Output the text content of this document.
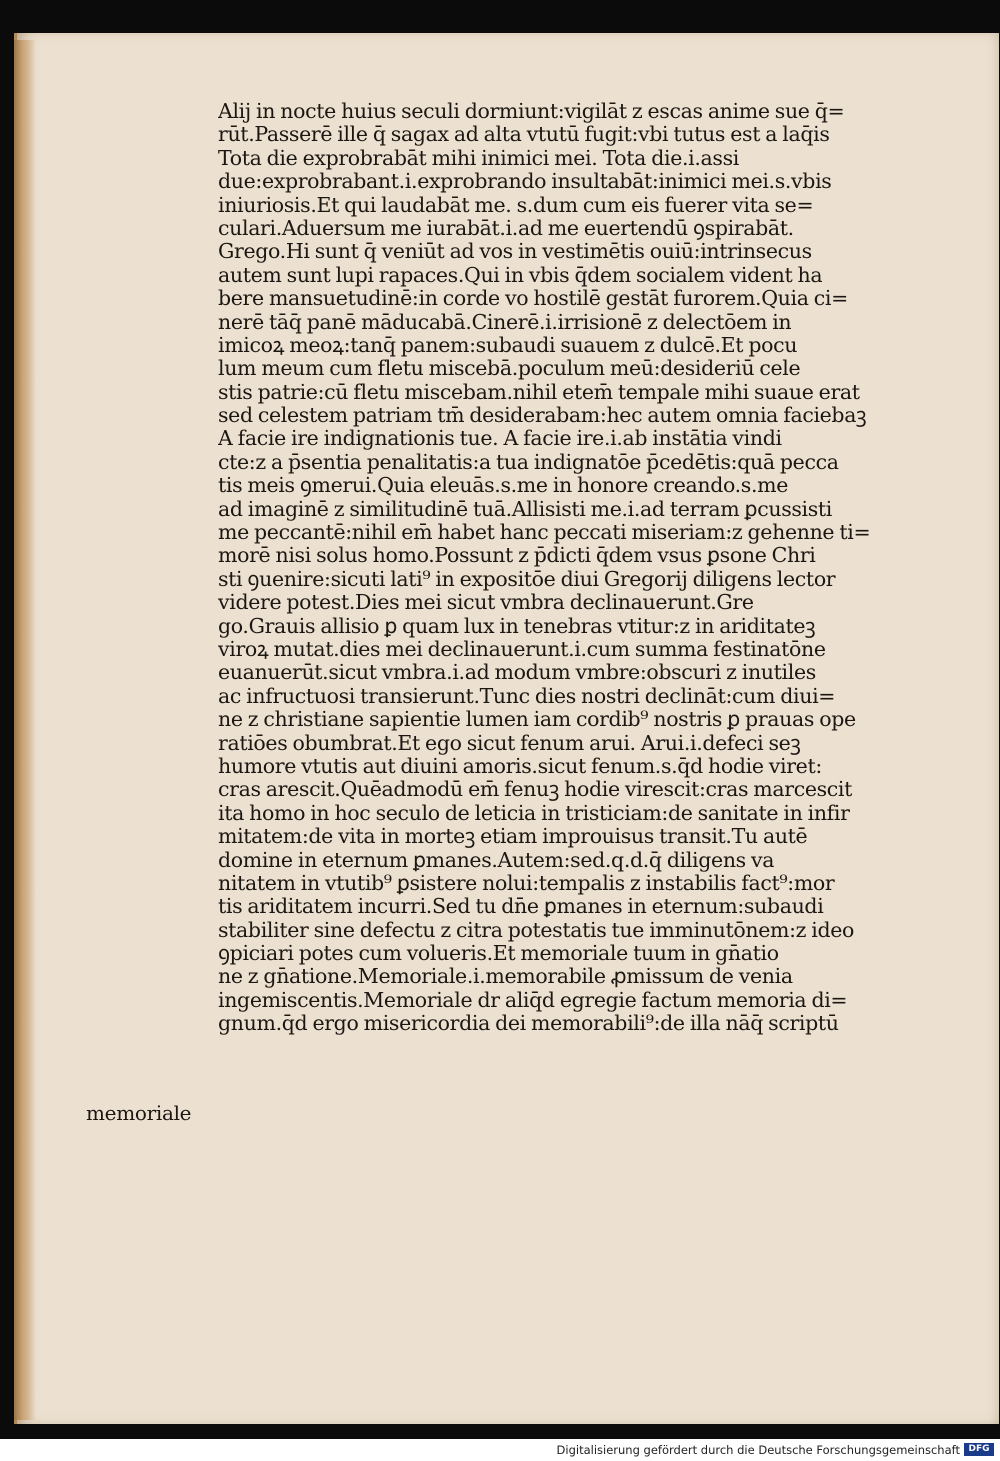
Alij in nocte huius seculi dormiunt:vigilāt z escas anime sue q̄=
rūt.Passerē ille q̄ sagax ad alta vtutū fugit:vbi tutus est a laq̄is
Tota die exprobrabāt mihi inimici mei. Tota die.i.assi
due:exprobrabant.i.exprobrando insultabāt:inimici mei.s.vbis
iniuriosis.Et qui laudabāt me. s.dum cum eis fuerer vita se=
culari.Aduersum me iurabāt.i.ad me euertendū ꝯspirabāt.
Grego.Hi sunt q̄ veniūt ad vos in vestimētis ouiū:intrinsecus
autem sunt lupi rapaces.Qui in vbis q̄dem socialem vident ha
bere mansuetudinē:in corde vo hostilē gestāt furorem.Quia ci=
nerē tāq̄ panē māducabā.Cinerē.i.irrisionē z delectōem in
imicoꝝ meoꝝ:tanq̄ panem:subaudi suauem z dulcē.Et pocu
lum meum cum fletu miscebā.poculum meū:desideriū cele
stis patrie:cū fletu miscebam.nihil etem̄ tempale mihi suaue erat
sed celestem patriam tm̄ desiderabam:hec autem omnia faciebaꝫ
A facie ire indignationis tue. A facie ire.i.ab instātia vindi
cte:z a p̄sentia penalitatis:a tua indignatōe p̄cedētis:quā pecca
tis meis ꝯmerui.Quia eleuās.s.me in honore creando.s.me
ad imaginē z similitudinē tuā.Allisisti me.i.ad terram ꝑcussisti
me peccantē:nihil em̄ habet hanc peccati miseriam:z gehenne ti=
morē nisi solus homo.Possunt z p̄dicti q̄dem vsus ꝑsone Chri
sti ꝯuenire:sicuti lati⁹ in expositōe diui Gregorij diligens lector
videre potest.Dies mei sicut vmbra declinauerunt.Gre
go.Grauis allisio ꝑ quam lux in tenebras vtitur:z in ariditateꝫ
viroꝝ mutat̄.dies mei declinauerunt.i.cum summa festinatōne
euanuerūt.sicut vmbra.i.ad modum vmbre:obscuri z inutiles
ac infructuosi transierunt.Tunc dies nostri declināt:cum diui=
ne z christiane sapientie lumen iam cordib⁹ nostris ꝑ prauas ope
ratiōes obumbrat̄.Et ego sicut fenum arui. Arui.i.defeci seꝫ
humore vtutis aut diuini amoris.sicut fenum.s.q̄d hodie viret:
cras arescit.Quēadmodū em̄ fenuꝫ hodie virescit:cras marcescit
ita homo in hoc seculo de leticia in tristiciam:de sanitate in infir
mitatem:de vita in morteꝫ etiam improuisus transit.Tu autē
domine in eternum ꝑmanes.Autem:sed.q.d.q̄ diligens va
nitatem in vtutib⁹ ꝑsistere nolui:tempalis z instabilis fact⁹:mor
tis ariditatem incurri.Sed tu dn̄e ꝑmanes in eternum:subaudi
stabiliter sine defectu z citra potestatis tue imminutōnem:z ideo
ꝯpiciari potes cum volueris.Et memoriale tuum in gn̄atio
ne z gn̄atione.Memoriale.i.memorabile ꝓmissum de venia
ingemiscentis.Memoriale d̄r aliq̄d egregie factum memoria di=
gnum.q̄d ergo misericordia dei memorabili⁹:de illa nāq̄ scriptū
memoriale
Digitalisierung gefördert durch die Deutsche Forschungsgemeinschaft DFG
